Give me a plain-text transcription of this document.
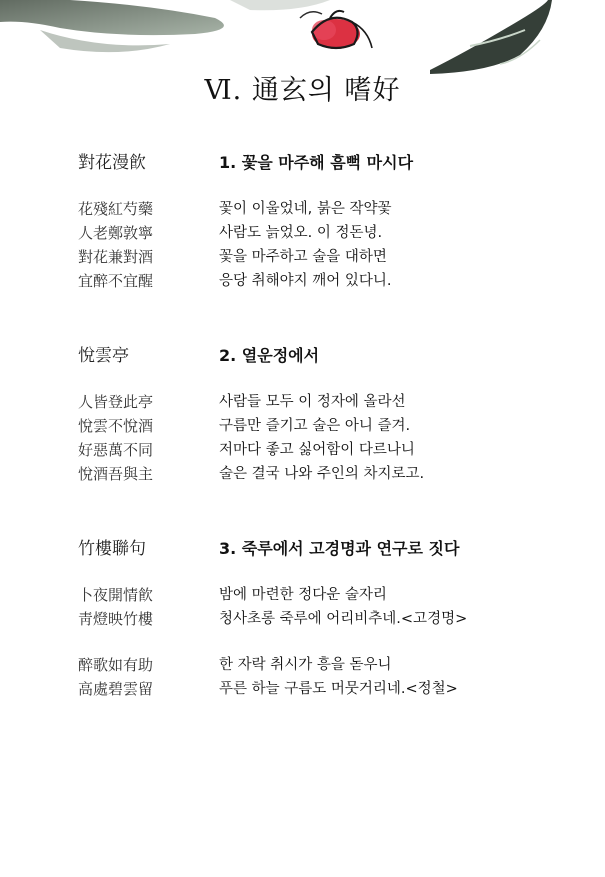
Ⅵ. 通玄의 嗜好
對花漫飮	1. 꽃을 마주해 흠뻑 마시다
花殘紅芍藥	꽃이 이울었네, 붉은 작약꽃
人老鄭敦寧	사람도 늙었오. 이 정돈녕.
對花兼對酒	꽃을 마주하고 술을 대하면
宜醉不宜醒	응당 취해야지 깨어 있다니.
悅雲亭	2. 열운정에서
人皆登此亭	사람들 모두 이 정자에 올라선
悅雲不悅酒	구름만 즐기고 술은 아니 즐겨.
好惡萬不同	저마다 좋고 싫어함이 다르나니
悅酒吾與主	술은 결국 나와 주인의 차지로고.
竹樓聯句	3. 죽루에서 고경명과 연구로 짓다
卜夜開情飮	밤에 마련한 정다운 술자리
靑燈映竹樓	청사초롱 죽루에 어리비추네.<고경명>
醉歌如有助	한 자락 취시가 흥을 돋우니
高處碧雲留	푸른 하늘 구름도 머뭇거리네.<정철>
